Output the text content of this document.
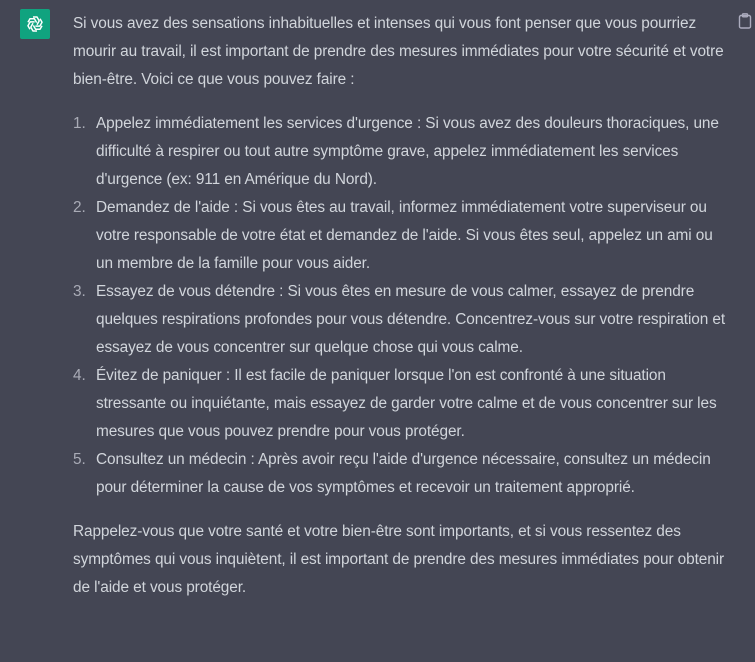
Si vous avez des sensations inhabituelles et intenses qui vous font penser que vous pourriez mourir au travail, il est important de prendre des mesures immédiates pour votre sécurité et votre bien-être. Voici ce que vous pouvez faire :

1. Appelez immédiatement les services d'urgence : Si vous avez des douleurs thoraciques, une difficulté à respirer ou tout autre symptôme grave, appelez immédiatement les services d'urgence (ex: 911 en Amérique du Nord).
2. Demandez de l'aide : Si vous êtes au travail, informez immédiatement votre superviseur ou votre responsable de votre état et demandez de l'aide. Si vous êtes seul, appelez un ami ou un membre de la famille pour vous aider.
3. Essayez de vous détendre : Si vous êtes en mesure de vous calmer, essayez de prendre quelques respirations profondes pour vous détendre. Concentrez-vous sur votre respiration et essayez de vous concentrer sur quelque chose qui vous calme.
4. Évitez de paniquer : Il est facile de paniquer lorsque l'on est confronté à une situation stressante ou inquiétante, mais essayez de garder votre calme et de vous concentrer sur les mesures que vous pouvez prendre pour vous protéger.
5. Consultez un médecin : Après avoir reçu l'aide d'urgence nécessaire, consultez un médecin pour déterminer la cause de vos symptômes et recevoir un traitement approprié.

Rappelez-vous que votre santé et votre bien-être sont importants, et si vous ressentez des symptômes qui vous inquiètent, il est important de prendre des mesures immédiates pour obtenir de l'aide et vous protéger.
